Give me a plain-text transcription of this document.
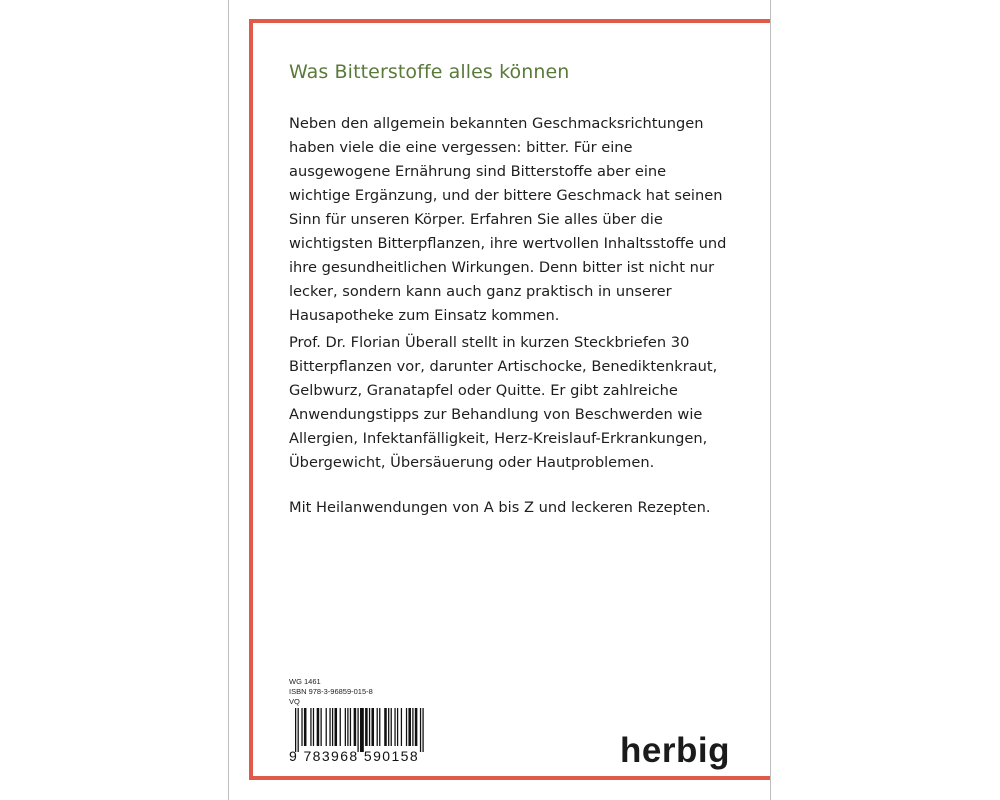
Was Bitterstoffe alles können

Neben den allgemein bekannten Geschmacksrichtungen haben viele die eine vergessen: bitter. Für eine ausgewogene Ernährung sind Bitterstoffe aber eine wichtige Ergänzung, und der bittere Geschmack hat seinen Sinn für unseren Körper. Erfahren Sie alles über die wichtigsten Bitterpflanzen, ihre wertvollen Inhaltsstoffe und ihre gesundheitlichen Wirkungen. Denn bitter ist nicht nur lecker, sondern kann auch ganz praktisch in unserer Hausapotheke zum Einsatz kommen.

Prof. Dr. Florian Überall stellt in kurzen Steckbriefen 30 Bitterpflanzen vor, darunter Artischocke, Benediktenkraut, Gelbwurz, Granatapfel oder Quitte. Er gibt zahlreiche Anwendungstipps zur Behandlung von Beschwerden wie Allergien, Infektanfälligkeit, Herz-Kreislauf-Erkrankungen, Übergewicht, Übersäuerung oder Hautproblemen.

Mit Heilanwendungen von A bis Z und leckeren Rezepten.

WG 1461
ISBN 978-3-96859-015-8
VQ
9 783968 590158	herbig
